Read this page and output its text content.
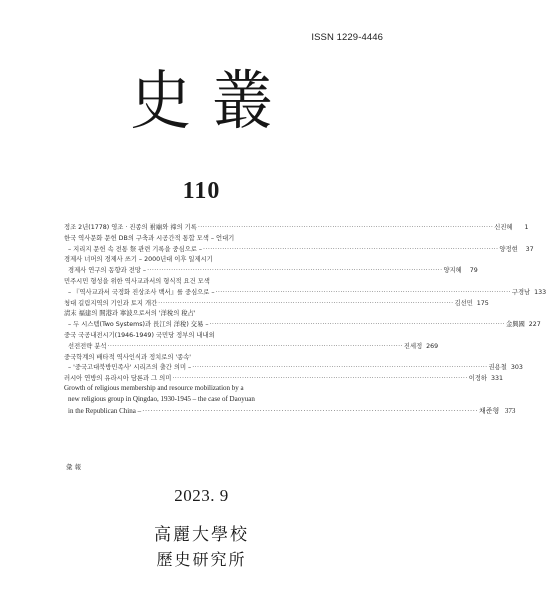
ISSN 1229-4446
史叢
110
정조 2년(1778) 영조 · 진종의 祔廟와 禘의 기록 ·····	신진혜	1
한국 역사문화 문헌 DB의 구축과 시공간적 통합 모색 – 언대기
– 지리지 문헌 속 전통 祭 관련 기록을 중심으로 – ·····	양정현	37
경제사 너머의 경제사 쓰기 – 2000년대 이후 일제시기
경제사 연구의 동향과 전망 – ·····	양지혜	79
민주시민 형성을 위한 역사교과서의 형식적 요건 모색
– 『역사교과서 국정화 진상조사 백서』를 중심으로 – ·····	구경남 133
청대 길림지역의 기인과 토지 개간 ·····	김선민 175
淸末 福建의 開港과 寧波으로서의 '洋稅의 稅占'
– 두 시스템(Two Systems)과 長江의 洋稅) 交易 – ·····	金興國 227
중국 국공내전시기(1946-1949) 국민당 정부의 내내외
선전전략 분석 ·····	진세정 269
중국학계의 배타적 역사인식과 정치로의 '종속'
– '중국고대북방민족사' 시리즈의 출간 의미 – ·····	권용철 303
러시아 연방의 유라시아 담론과 그 의미 ·····	이정하 331
Growth of religious membership and resource mobilization by a
new religious group in Qingdao, 1930-1945 – the case of Daoyuan
in the Republican China – ·····	채준형 373
彙 報
2023. 9
高麗大學校
歷史研究所
